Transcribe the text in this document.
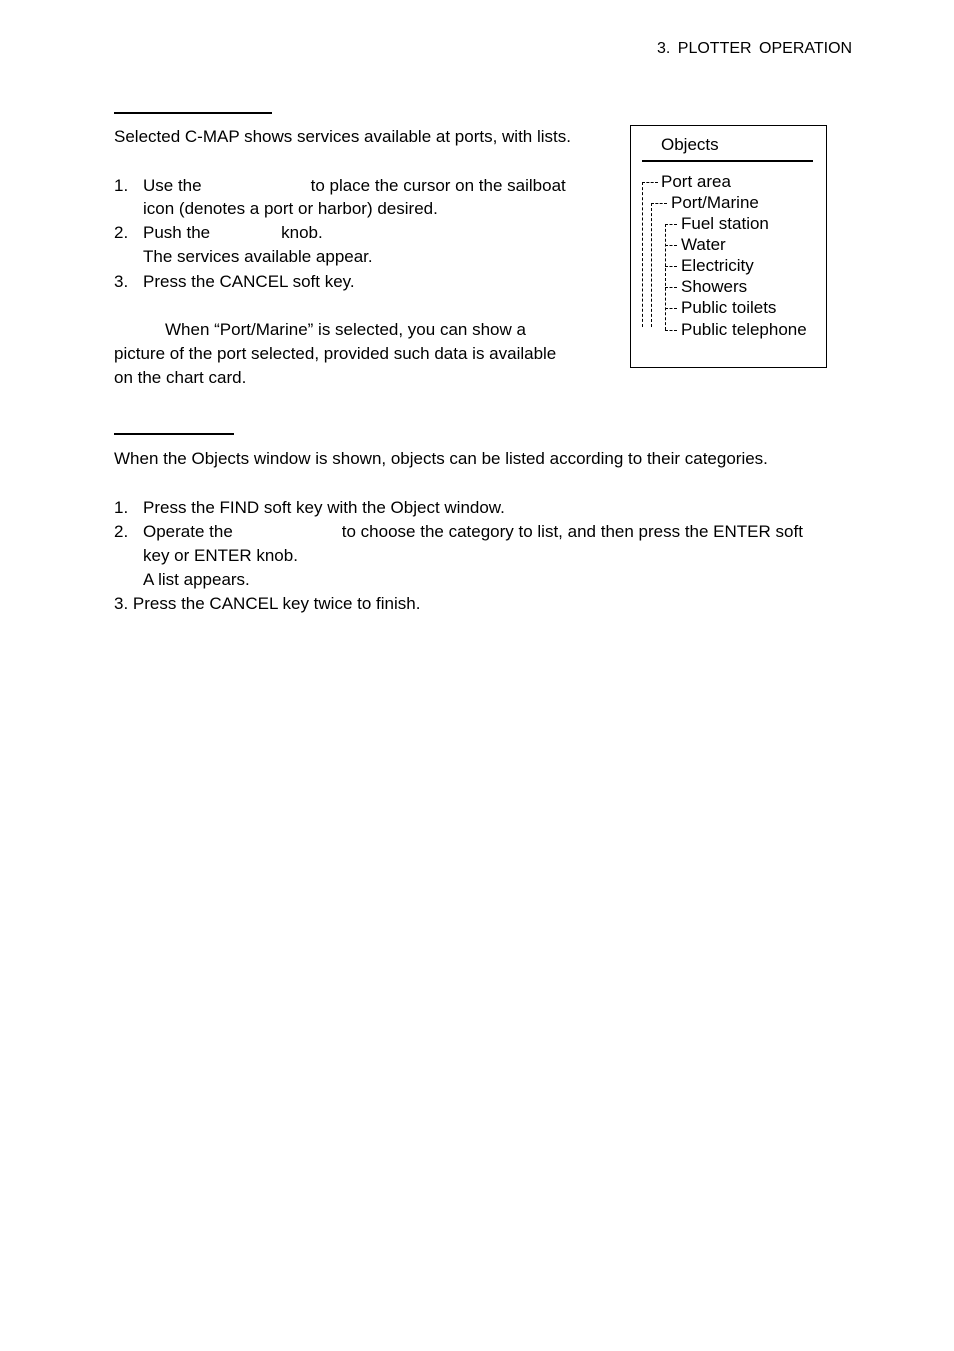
3. PLOTTER OPERATION
Selected C-MAP shows services available at ports, with lists.
1. Use the	to place the cursor on the sailboat
icon (denotes a port or harbor) desired.
2. Push the	knob.
The services available appear.
3. Press the CANCEL soft key.
When “Port/Marine” is selected, you can show a
picture of the port selected, provided such data is available
on the chart card.
Objects
Port area
Port/Marine
Fuel station
Water
Electricity
Showers
Public toilets
Public telephone
When the Objects window is shown, objects can be listed according to their categories.
1. Press the FIND soft key with the Object window.
2. Operate the	to choose the category to list, and then press the ENTER soft
key or ENTER knob.
A list appears.
3. Press the CANCEL key twice to finish.
